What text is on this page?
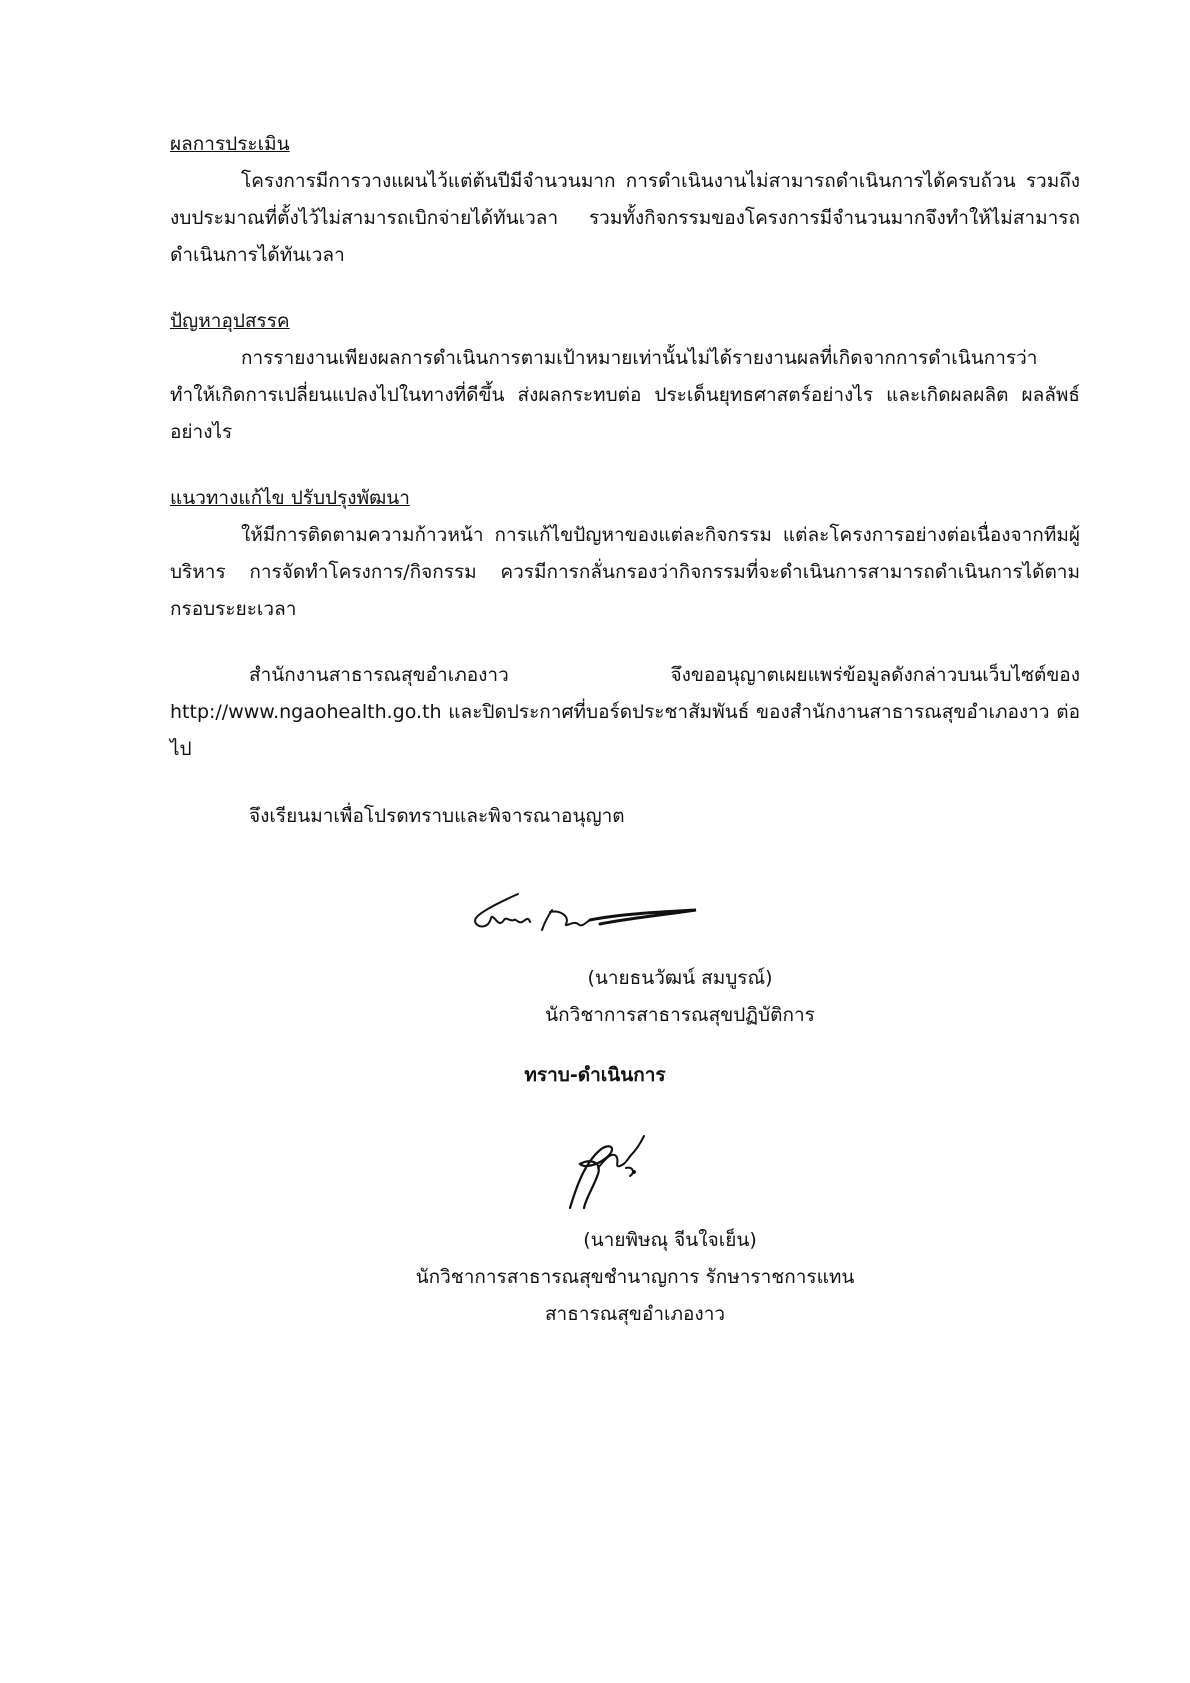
ผลการประเมิน

โครงการมีการวางแผนไว้แต่ต้นปีมีจำนวนมาก การดำเนินงานไม่สามารถดำเนินการได้ครบถ้วน รวมถึงงบประมาณที่ตั้งไว้ไม่สามารถเบิกจ่ายได้ทันเวลา รวมทั้งกิจกรรมของโครงการมีจำนวนมากจึงทำให้ไม่สามารถดำเนินการได้ทันเวลา

ปัญหาอุปสรรค

การรายงานเพียงผลการดำเนินการตามเป้าหมายเท่านั้นไม่ได้รายงานผลที่เกิดจากการดำเนินการว่าทำให้เกิดการเปลี่ยนแปลงไปในทางที่ดีขึ้น ส่งผลกระทบต่อ ประเด็นยุทธศาสตร์อย่างไร และเกิดผลผลิต ผลลัพธ์ อย่างไร

แนวทางแก้ไข ปรับปรุงพัฒนา

ให้มีการติดตามความก้าวหน้า การแก้ไขปัญหาของแต่ละกิจกรรม แต่ละโครงการอย่างต่อเนื่องจากทีมผู้บริหาร การจัดทำโครงการ/กิจกรรม ควรมีการกลั่นกรองว่ากิจกรรมที่จะดำเนินการสามารถดำเนินการได้ตามกรอบระยะเวลา

สำนักงานสาธารณสุขอำเภองาว จึงขออนุญาตเผยแพร่ข้อมูลดังกล่าวบนเว็บไซต์ของ http://www.ngaohealth.go.th และปิดประกาศที่บอร์ดประชาสัมพันธ์ ของสำนักงานสาธารณสุขอำเภองาว ต่อไป

จึงเรียนมาเพื่อโปรดทราบและพิจารณาอนุญาต

(นายธนวัฒน์ สมบูรณ์)

นักวิชาการสาธารณสุขปฏิบัติการ

ทราบ-ดำเนินการ

(นายพิษณุ จีนใจเย็น)

นักวิชาการสาธารณสุขชำนาญการ รักษาราชการแทน

สาธารณสุขอำเภองาว
